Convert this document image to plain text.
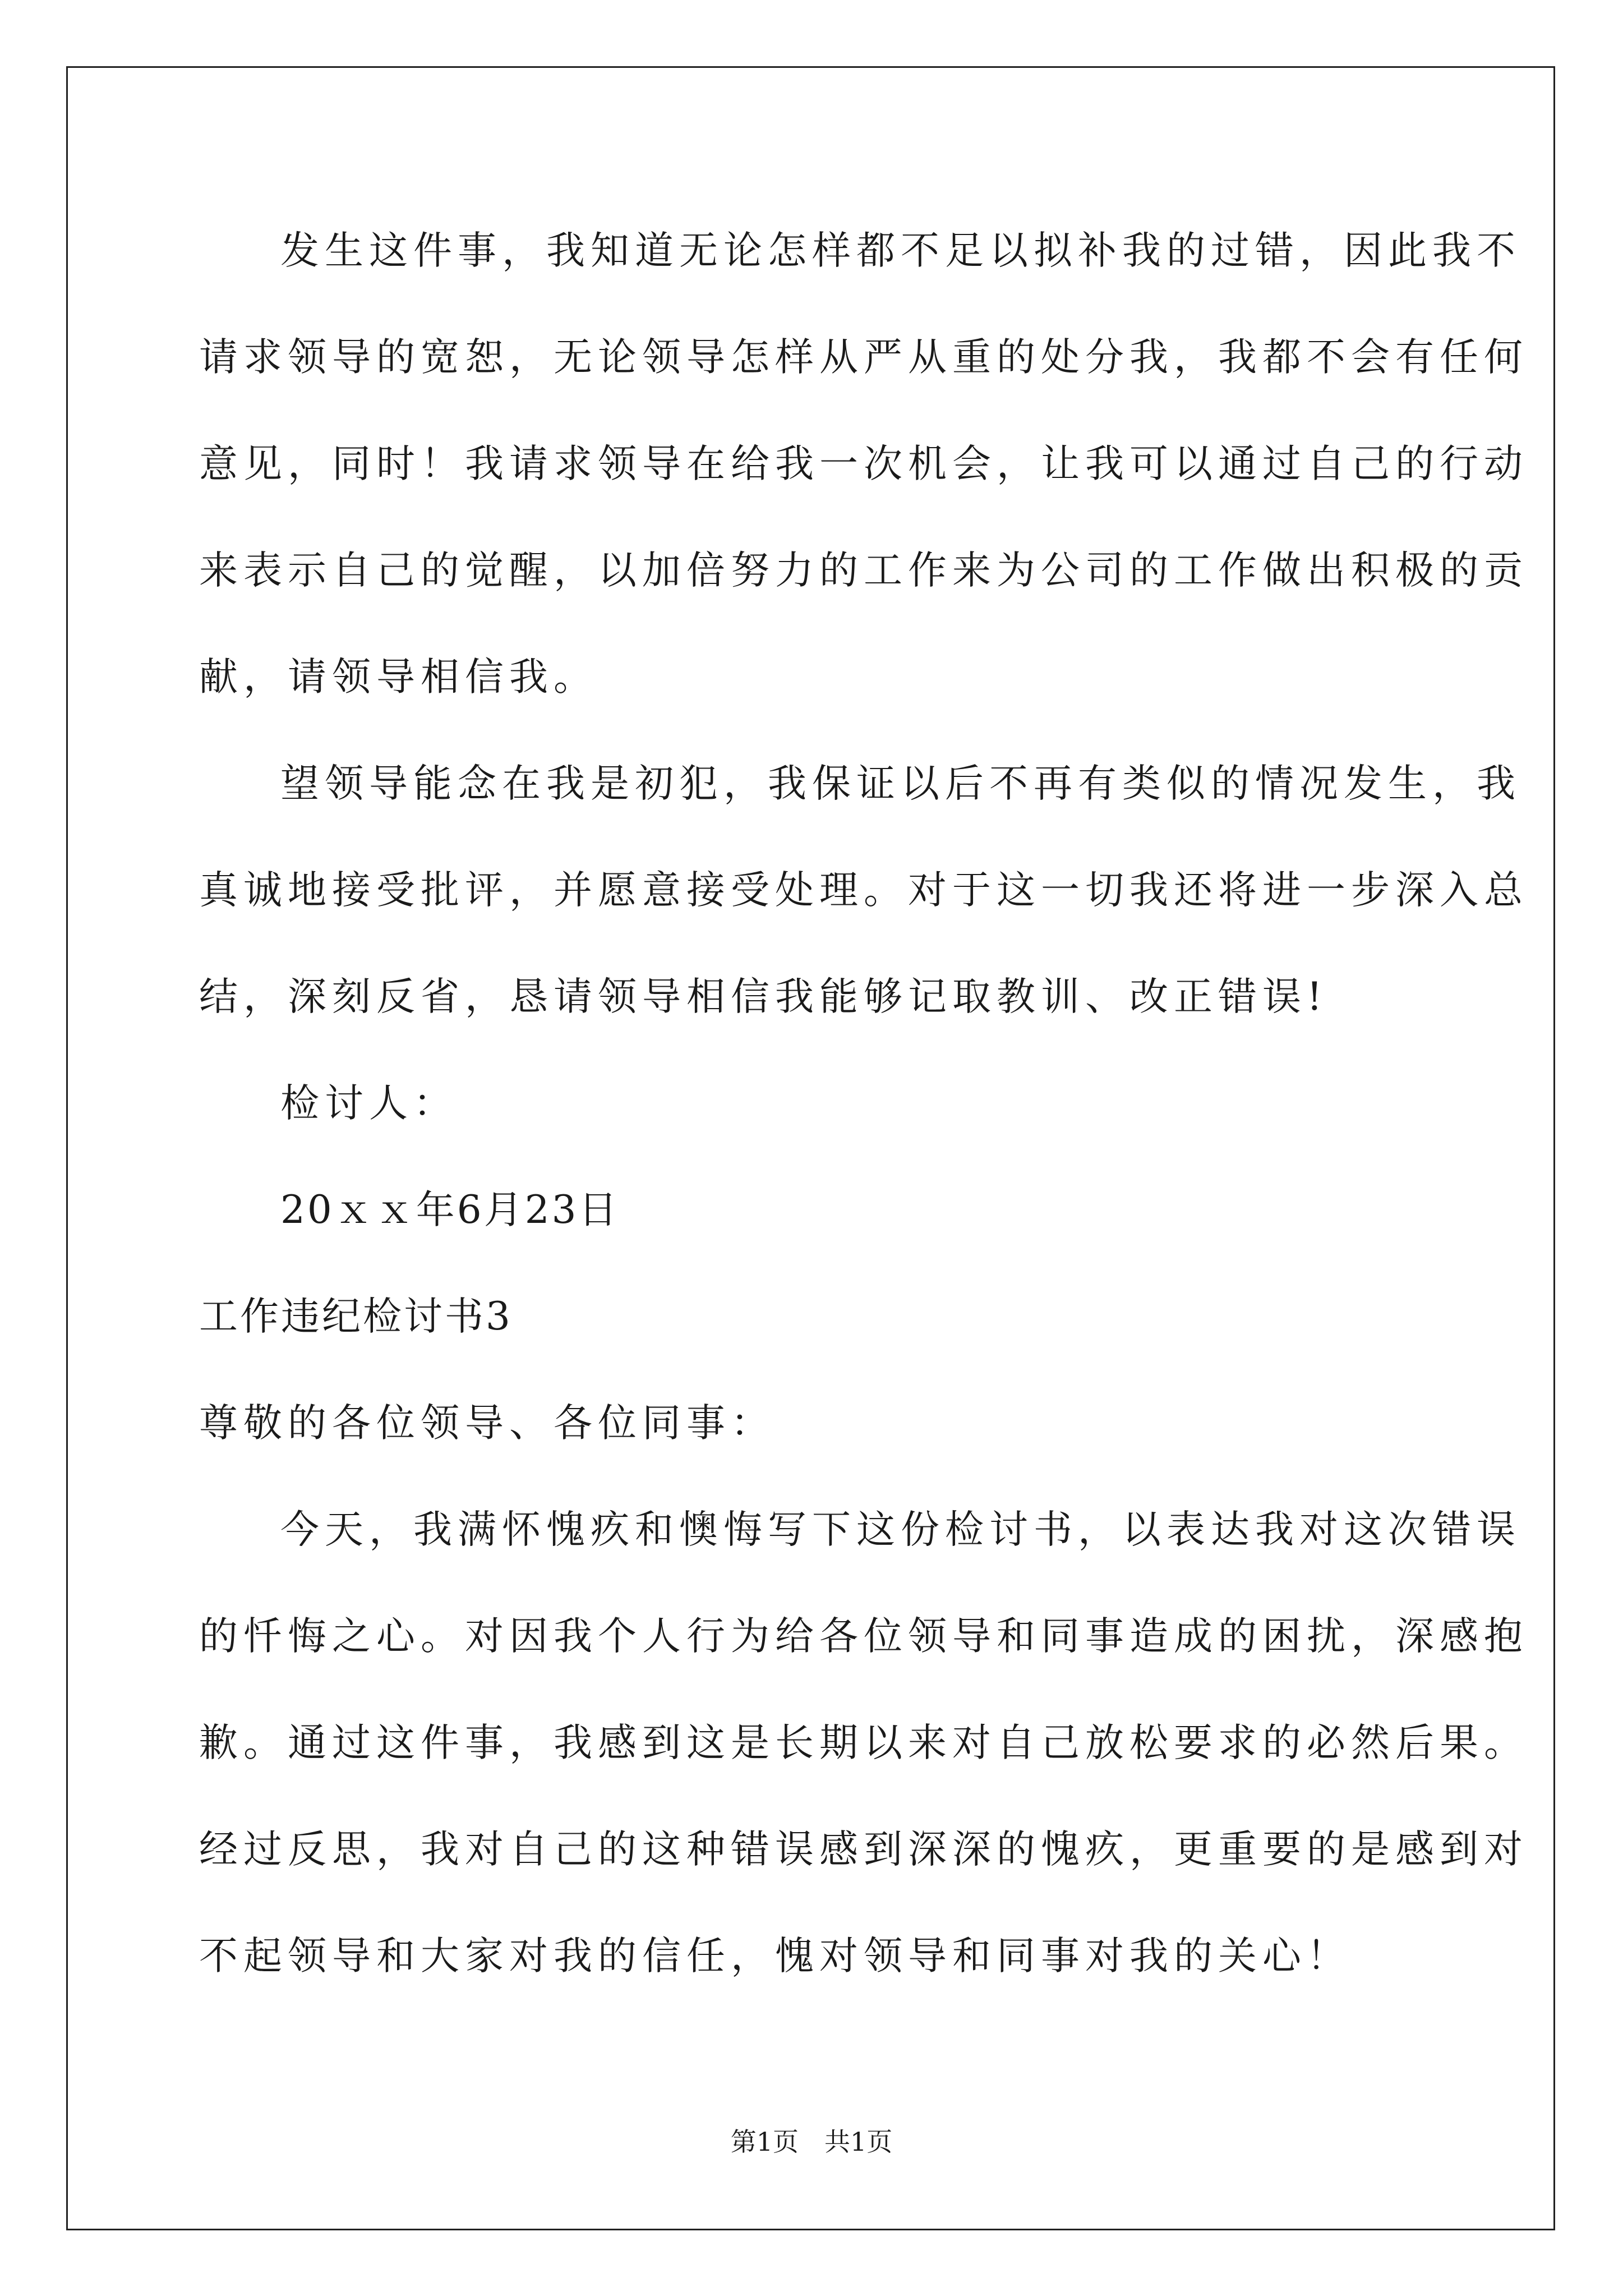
发生这件事，我知道无论怎样都不足以拟补我的过错，因此我不
请求领导的宽恕，无论领导怎样从严从重的处分我，我都不会有任何
意见，同时！我请求领导在给我一次机会，让我可以通过自己的行动
来表示自己的觉醒，以加倍努力的工作来为公司的工作做出积极的贡
献，请领导相信我。
望领导能念在我是初犯，我保证以后不再有类似的情况发生，我
真诚地接受批评，并愿意接受处理。对于这一切我还将进一步深入总
结，深刻反省，恳请领导相信我能够记取教训、改正错误!
检讨人：
20ｘｘ年6月23日
工作违纪检讨书3
尊敬的各位领导、各位同事：
今天，我满怀愧疚和懊悔写下这份检讨书，以表达我对这次错误
的忏悔之心。对因我个人行为给各位领导和同事造成的困扰，深感抱
歉。通过这件事，我感到这是长期以来对自己放松要求的必然后果。
经过反思，我对自己的这种错误感到深深的愧疚，更重要的是感到对
不起领导和大家对我的信任，愧对领导和同事对我的关心！
第1页 共1页
